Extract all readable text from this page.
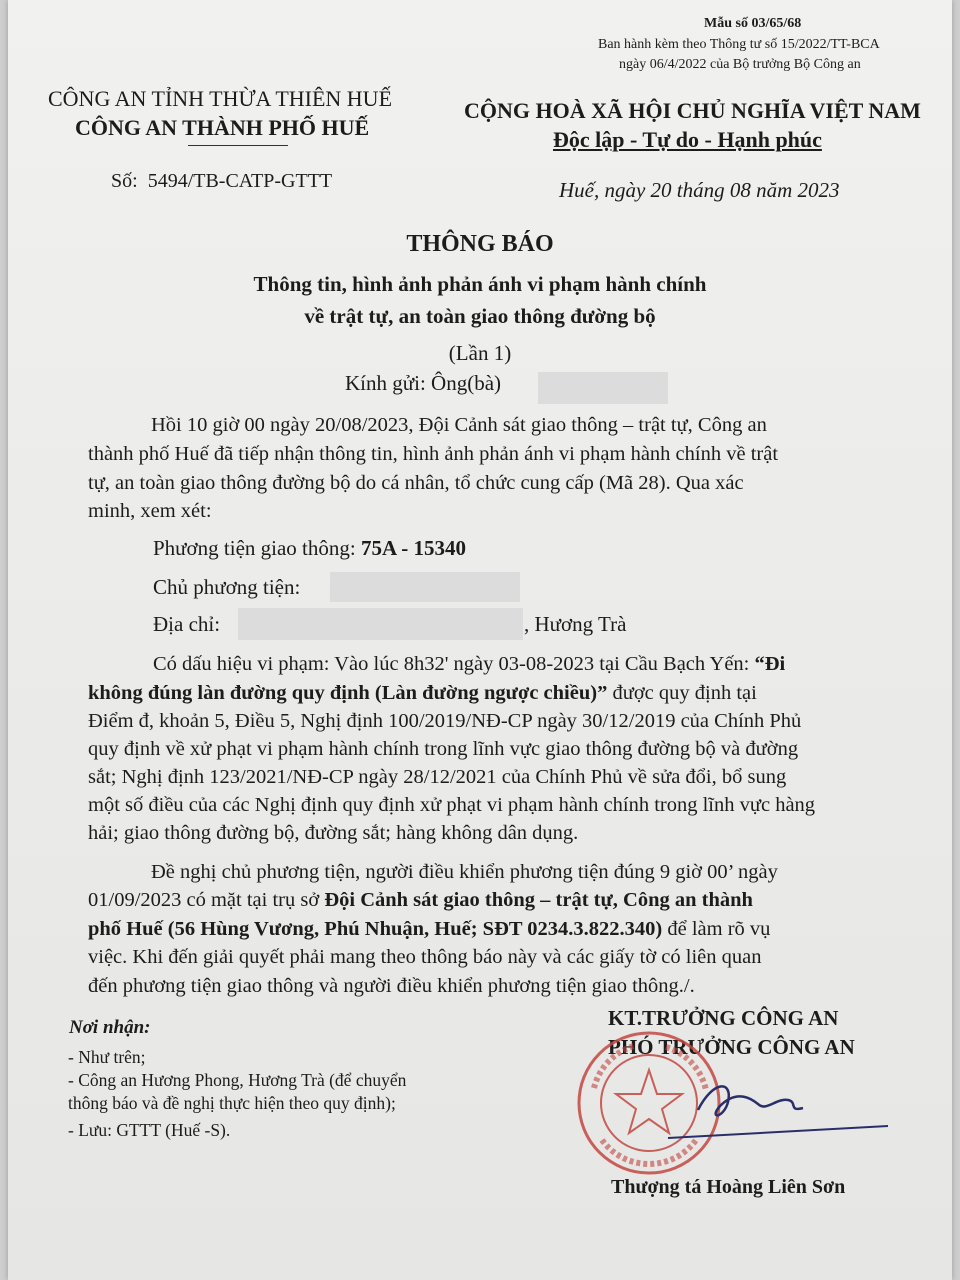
Mẫu số 03/65/68
Ban hành kèm theo Thông tư số 15/2022/TT-BCA
ngày 06/4/2022 của Bộ trưởng Bộ Công an
CÔNG AN TỈNH THỪA THIÊN HUẾ
CÔNG AN THÀNH PHỐ HUẾ
Số: 5494/TB-CATP-GTTT
CỘNG HOÀ XÃ HỘI CHỦ NGHĨA VIỆT NAM
Độc lập - Tự do - Hạnh phúc
Huế, ngày 20 tháng 08 năm 2023
THÔNG BÁO
Thông tin, hình ảnh phản ánh vi phạm hành chính
về trật tự, an toàn giao thông đường bộ
(Lần 1)
Kính gửi: Ông(bà)
Hồi 10 giờ 00 ngày 20/08/2023, Đội Cảnh sát giao thông – trật tự, Công an
thành phố Huế đã tiếp nhận thông tin, hình ảnh phản ánh vi phạm hành chính về trật
tự, an toàn giao thông đường bộ do cá nhân, tổ chức cung cấp (Mã 28). Qua xác
minh, xem xét:
Phương tiện giao thông: 75A - 15340
Chủ phương tiện:
Địa chỉ:	, Hương Trà
Có dấu hiệu vi phạm: Vào lúc 8h32' ngày 03-08-2023 tại Cầu Bạch Yến: “Đi
không đúng làn đường quy định (Làn đường ngược chiều)” được quy định tại
Điểm đ, khoản 5, Điều 5, Nghị định 100/2019/NĐ-CP ngày 30/12/2019 của Chính Phủ
quy định về xử phạt vi phạm hành chính trong lĩnh vực giao thông đường bộ và đường
sắt; Nghị định 123/2021/NĐ-CP ngày 28/12/2021 của Chính Phủ về sửa đổi, bổ sung
một số điều của các Nghị định quy định xử phạt vi phạm hành chính trong lĩnh vực hàng
hải; giao thông đường bộ, đường sắt; hàng không dân dụng.
Đề nghị chủ phương tiện, người điều khiển phương tiện đúng 9 giờ 00’ ngày
01/09/2023 có mặt tại trụ sở Đội Cảnh sát giao thông – trật tự, Công an thành
phố Huế (56 Hùng Vương, Phú Nhuận, Huế; SĐT 0234.3.822.340) để làm rõ vụ
việc. Khi đến giải quyết phải mang theo thông báo này và các giấy tờ có liên quan
đến phương tiện giao thông và người điều khiển phương tiện giao thông./.
Nơi nhận:
- Như trên;
- Công an Hương Phong, Hương Trà (để chuyển
thông báo và đề nghị thực hiện theo quy định);
- Lưu: GTTT (Huế -S).
KT.TRƯỞNG CÔNG AN
PHÓ TRƯỞNG CÔNG AN
Thượng tá Hoàng Liên Sơn
